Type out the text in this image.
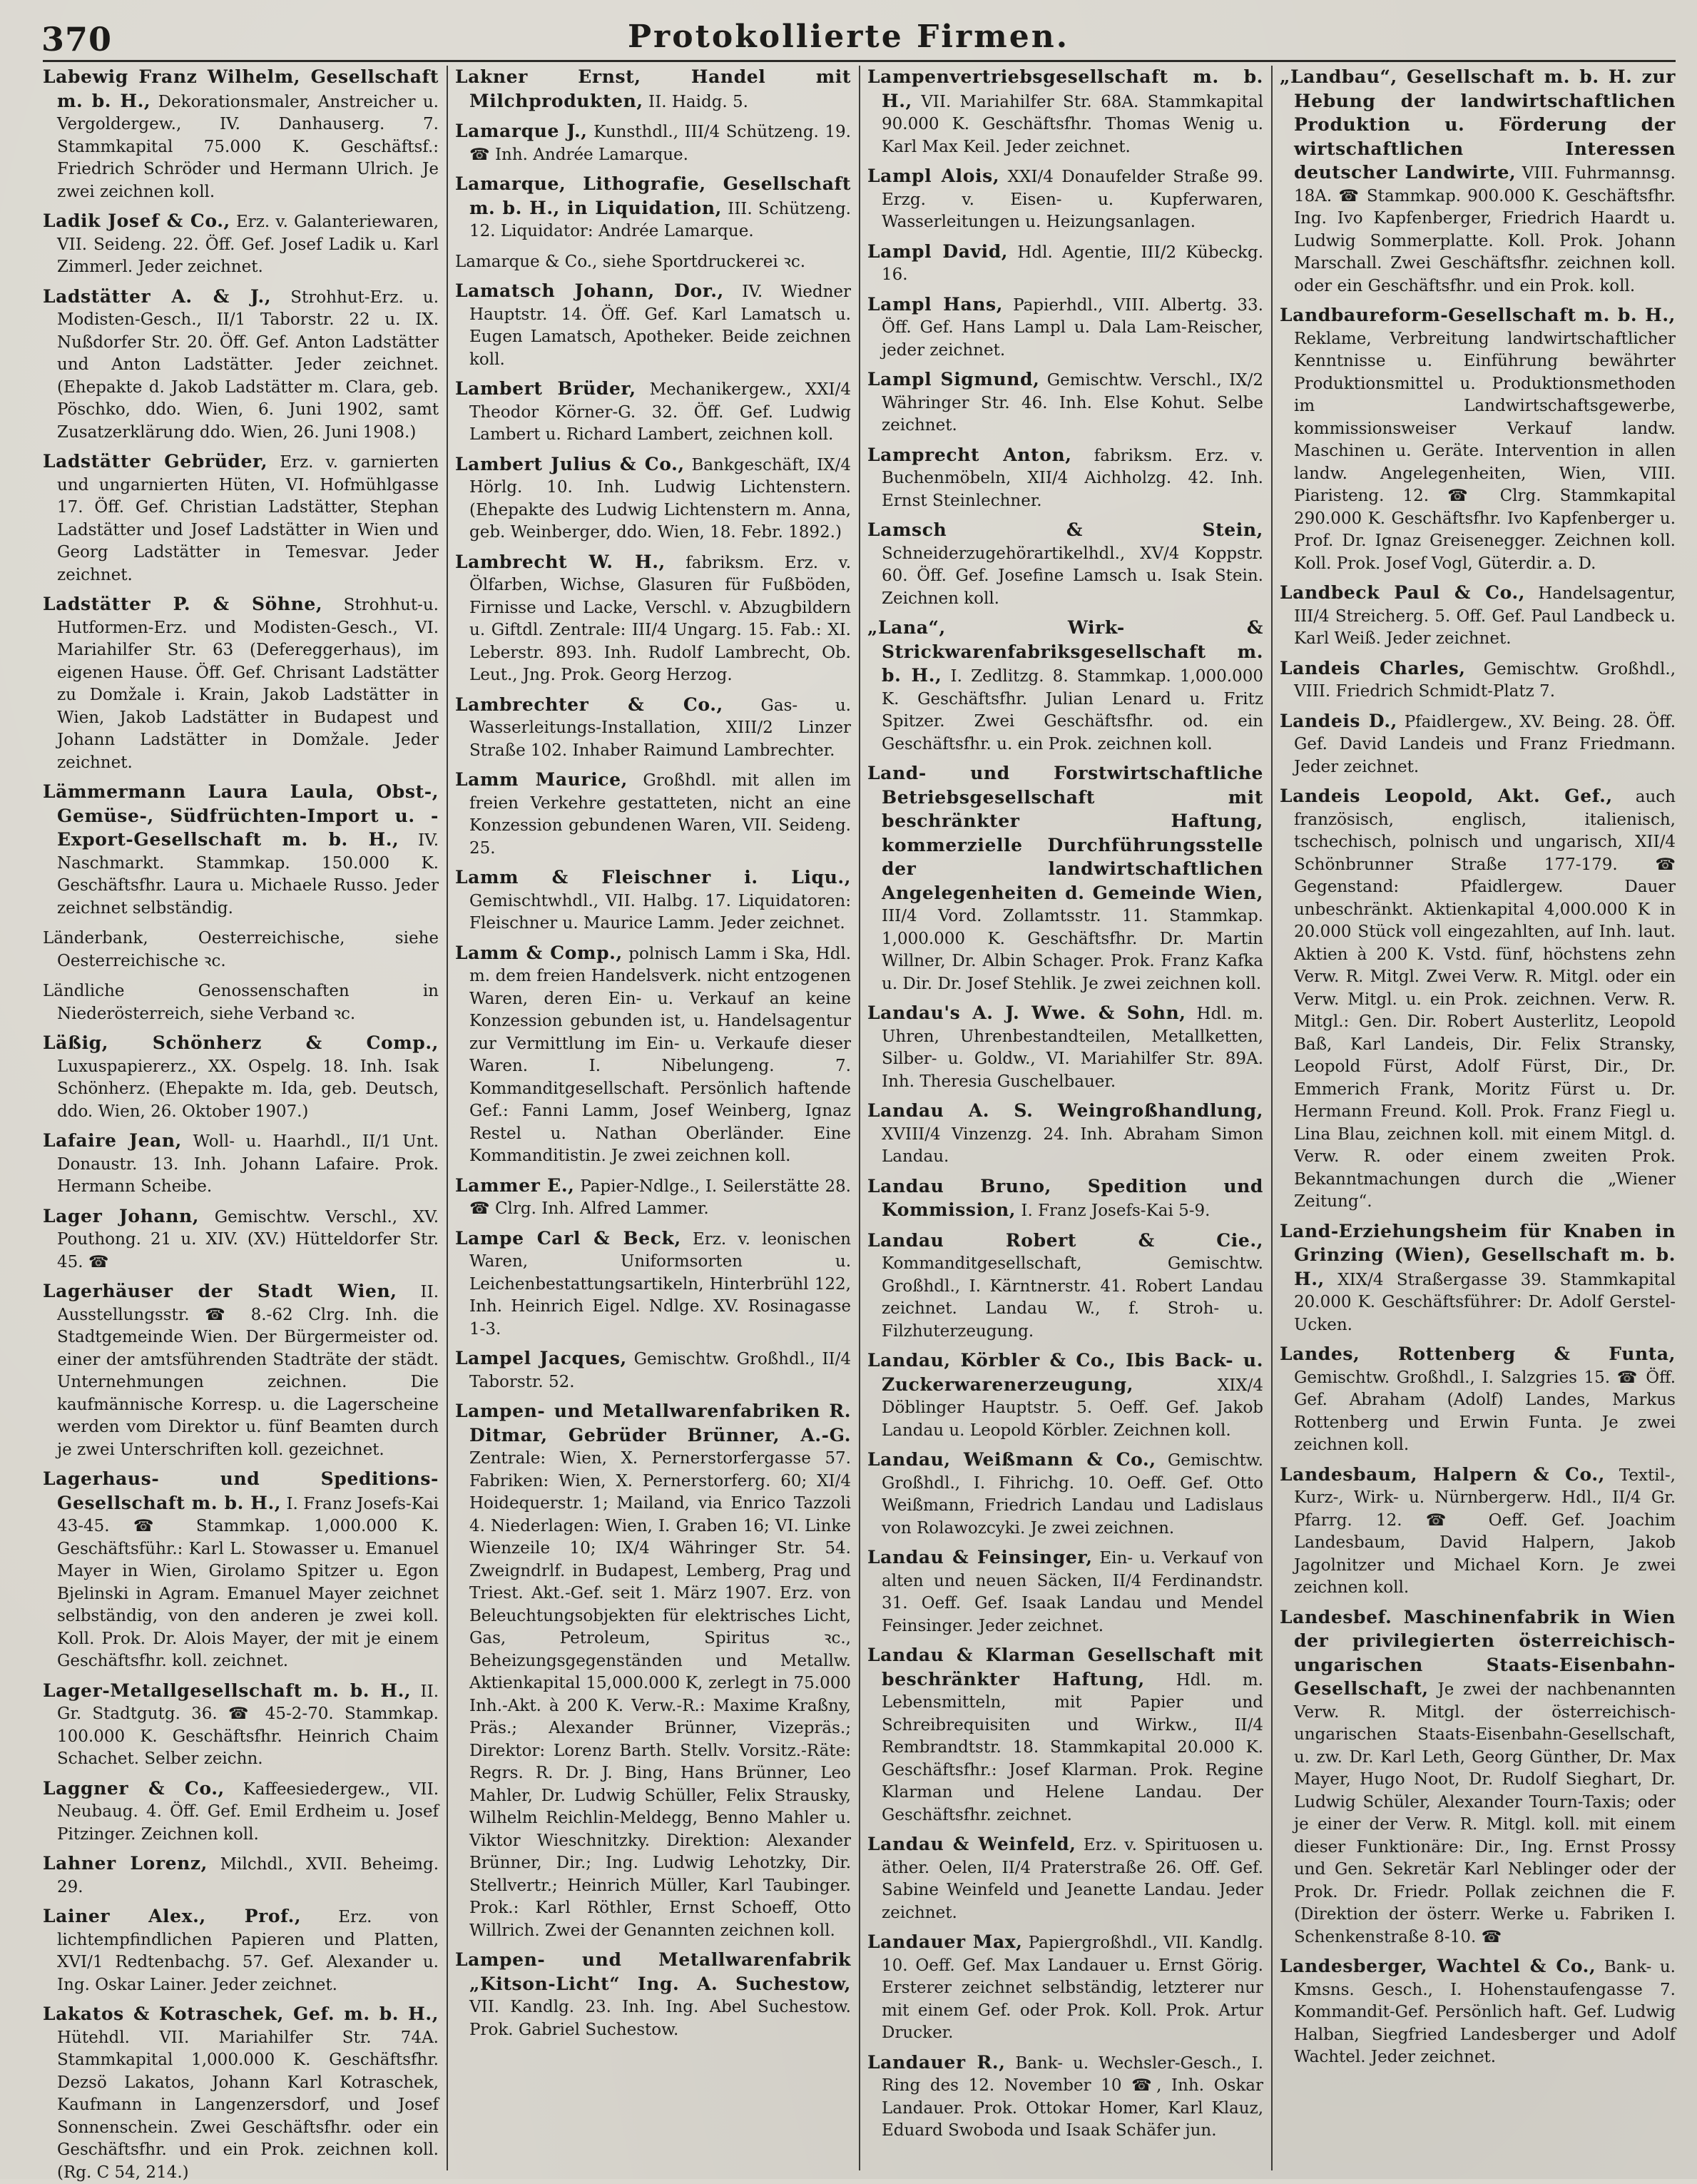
370	Protokollierte Firmen.

Labewig Franz Wilhelm, Gesellschaft m. b. H., Dekorationsmaler, Anstreicher u. Vergoldergew., IV. Danhauserg. 7. Stammkapital 75.000 K. Geschäftsf.: Friedrich Schröder und Hermann Ulrich. Je zwei zeichnen koll.

Ladik Josef & Co., Erz. v. Galanteriewaren, VII. Seideng. 22. Öff. Gef. Josef Ladik u. Karl Zimmerl. Jeder zeichnet.

Ladstätter A. & J., Strohhut-Erz. u. Modisten-Gesch., II/1 Taborstr. 22 u. IX. Nußdorfer Str. 20. Öff. Gef. Anton Ladstätter und Anton Ladstätter. Jeder zeichnet. (Ehepakte d. Jakob Ladstätter m. Clara, geb. Pöschko, ddo. Wien, 6. Juni 1902, samt Zusatzerklärung ddo. Wien, 26. Juni 1908.)

Ladstätter Gebrüder, Erz. v. garnierten und ungarnierten Hüten, VI. Hofmühlgasse 17. Öff. Gef. Christian Ladstätter, Stephan Ladstätter und Josef Ladstätter in Wien und Georg Ladstätter in Temesvar. Jeder zeichnet.

Ladstätter P. & Söhne, Strohhut-u. Hutformen-Erz. und Modisten-Gesch., VI. Mariahilfer Str. 63 (Defereggerhaus), im eigenen Hause. Öff. Gef. Chrisant Ladstätter zu Domžale i. Krain, Jakob Ladstätter in Wien, Jakob Ladstätter in Budapest und Johann Ladstätter in Domžale. Jeder zeichnet.

Lämmermann Laura Laula, Obst-, Gemüse-, Südfrüchten-Import u. -Export-Gesellschaft m. b. H., IV. Naschmarkt. Stammkap. 150.000 K. Geschäftsfhr. Laura u. Michaele Russo. Jeder zeichnet selbständig.

Länderbank, Oesterreichische, siehe Oesterreichische ꝛc.

Ländliche Genossenschaften in Niederösterreich, siehe Verband ꝛc.

Läßig, Schönherz & Comp., Luxuspapiererz., XX. Ospelg. 18. Inh. Isak Schönherz. (Ehepakte m. Ida, geb. Deutsch, ddo. Wien, 26. Oktober 1907.)

Lafaire Jean, Woll- u. Haarhdl., II/1 Unt. Donaustr. 13. Inh. Johann Lafaire. Prok. Hermann Scheibe.

Lager Johann, Gemischtw. Verschl., XV. Pouthong. 21 u. XIV. (XV.) Hütteldorfer Str. 45. ☎

Lagerhäuser der Stadt Wien, II. Ausstellungsstr. ☎ 8.-62 Clrg. Inh. die Stadtgemeinde Wien. Der Bürgermeister od. einer der amtsführenden Stadträte der städt. Unternehmungen zeichnen. Die kaufmännische Korresp. u. die Lagerscheine werden vom Direktor u. fünf Beamten durch je zwei Unterschriften koll. gezeichnet.

Lagerhaus- und Speditions-Gesellschaft m. b. H., I. Franz Josefs-Kai 43-45. ☎ Stammkap. 1,000.000 K. Geschäftsführ.: Karl L. Stowasser u. Emanuel Mayer in Wien, Girolamo Spitzer u. Egon Bjelinski in Agram. Emanuel Mayer zeichnet selbständig, von den anderen je zwei koll. Koll. Prok. Dr. Alois Mayer, der mit je einem Geschäftsfhr. koll. zeichnet.

Lager-Metallgesellschaft m. b. H., II. Gr. Stadtgutg. 36. ☎ 45-2-70. Stammkap. 100.000 K. Geschäftsfhr. Heinrich Chaim Schachet. Selber zeichn.

Laggner & Co., Kaffeesiedergew., VII. Neubaug. 4. Öff. Gef. Emil Erdheim u. Josef Pitzinger. Zeichnen koll.

Lahner Lorenz, Milchdl., XVII. Beheimg. 29.

Lainer Alex., Prof., Erz. von lichtempfindlichen Papieren und Platten, XVI/1 Redtenbachg. 57. Gef. Alexander u. Ing. Oskar Lainer. Jeder zeichnet.

Lakatos & Kotraschek, Gef. m. b. H., Hütehdl. VII. Mariahilfer Str. 74A. Stammkapital 1,000.000 K. Geschäftsfhr. Dezsö Lakatos, Johann Karl Kotraschek, Kaufmann in Langenzersdorf, und Josef Sonnenschein. Zwei Geschäftsfhr. oder ein Geschäftsfhr. und ein Prok. zeichnen koll. (Rg. C 54, 214.)

Lakner Ernst, Handel mit Milchprodukten, II. Haidg. 5.

Lamarque J., Kunsthdl., III/4 Schützeng. 19. ☎ Inh. Andrée Lamarque.

Lamarque, Lithografie, Gesellschaft m. b. H., in Liquidation, III. Schützeng. 12. Liquidator: Andrée Lamarque.

Lamarque & Co., siehe Sportdruckerei ꝛc.

Lamatsch Johann, Dor., IV. Wiedner Hauptstr. 14. Öff. Gef. Karl Lamatsch u. Eugen Lamatsch, Apotheker. Beide zeichnen koll.

Lambert Brüder, Mechanikergew., XXI/4 Theodor Körner-G. 32. Öff. Gef. Ludwig Lambert u. Richard Lambert, zeichnen koll.

Lambert Julius & Co., Bankgeschäft, IX/4 Hörlg. 10. Inh. Ludwig Lichtenstern. (Ehepakte des Ludwig Lichtenstern m. Anna, geb. Weinberger, ddo. Wien, 18. Febr. 1892.)

Lambrecht W. H., fabriksm. Erz. v. Ölfarben, Wichse, Glasuren für Fußböden, Firnisse und Lacke, Verschl. v. Abzugbildern u. Giftdl. Zentrale: III/4 Ungarg. 15. Fab.: XI. Leberstr. 893. Inh. Rudolf Lambrecht, Ob. Leut., Jng. Prok. Georg Herzog.

Lambrechter & Co., Gas- u. Wasserleitungs-Installation, XIII/2 Linzer Straße 102. Inhaber Raimund Lambrechter.

Lamm Maurice, Großhdl. mit allen im freien Verkehre gestatteten, nicht an eine Konzession gebundenen Waren, VII. Seideng. 25.

Lamm & Fleischner i. Liqu., Gemischtwhdl., VII. Halbg. 17. Liquidatoren: Fleischner u. Maurice Lamm. Jeder zeichnet.

Lamm & Comp., polnisch Lamm i Ska, Hdl. m. dem freien Handelsverk. nicht entzogenen Waren, deren Ein- u. Verkauf an keine Konzession gebunden ist, u. Handelsagentur zur Vermittlung im Ein- u. Verkaufe dieser Waren. I. Nibelungeng. 7. Kommanditgesellschaft. Persönlich haftende Gef.: Fanni Lamm, Josef Weinberg, Ignaz Restel u. Nathan Oberländer. Eine Kommanditistin. Je zwei zeichnen koll.

Lammer E., Papier-Ndlge., I. Seilerstätte 28. ☎ Clrg. Inh. Alfred Lammer.

Lampe Carl & Beck, Erz. v. leonischen Waren, Uniformsorten u. Leichenbestattungsartikeln, Hinterbrühl 122, Inh. Heinrich Eigel. Ndlge. XV. Rosinagasse 1-3.

Lampel Jacques, Gemischtw. Großhdl., II/4 Taborstr. 52.

Lampen- und Metallwarenfabriken R. Ditmar, Gebrüder Brünner, A.-G. Zentrale: Wien, X. Pernerstorfergasse 57. Fabriken: Wien, X. Pernerstorferg. 60; XI/4 Hoidequerstr. 1; Mailand, via Enrico Tazzoli 4. Niederlagen: Wien, I. Graben 16; VI. Linke Wienzeile 10; IX/4 Währinger Str. 54. Zweigndrlf. in Budapest, Lemberg, Prag und Triest. Akt.-Gef. seit 1. März 1907. Erz. von Beleuchtungsobjekten für elektrisches Licht, Gas, Petroleum, Spiritus ꝛc., Beheizungsgegenständen und Metallw. Aktienkapital 15,000.000 K, zerlegt in 75.000 Inh.-Akt. à 200 K. Verw.-R.: Maxime Kraßny, Präs.; Alexander Brünner, Vizepräs.; Direktor: Lorenz Barth. Stellv. Vorsitz.-Räte: Regrs. R. Dr. J. Bing, Hans Brünner, Leo Mahler, Dr. Ludwig Schüller, Felix Strausky, Wilhelm Reichlin-Meldegg, Benno Mahler u. Viktor Wieschnitzky. Direktion: Alexander Brünner, Dir.; Ing. Ludwig Lehotzky, Dir. Stellvertr.; Heinrich Müller, Karl Taubinger. Prok.: Karl Röthler, Ernst Schoeff, Otto Willrich. Zwei der Genannten zeichnen koll.

Lampen- und Metallwarenfabrik „Kitson-Licht“ Ing. A. Suchestow, VII. Kandlg. 23. Inh. Ing. Abel Suchestow. Prok. Gabriel Suchestow.

Lampenvertriebsgesellschaft m. b. H., VII. Mariahilfer Str. 68A. Stammkapital 90.000 K. Geschäftsfhr. Thomas Wenig u. Karl Max Keil. Jeder zeichnet.

Lampl Alois, XXI/4 Donaufelder Straße 99. Erzg. v. Eisen- u. Kupferwaren, Wasserleitungen u. Heizungsanlagen.

Lampl David, Hdl. Agentie, III/2 Kübeckg. 16.

Lampl Hans, Papierhdl., VIII. Albertg. 33. Öff. Gef. Hans Lampl u. Dala Lam-Reischer, jeder zeichnet.

Lampl Sigmund, Gemischtw. Verschl., IX/2 Währinger Str. 46. Inh. Else Kohut. Selbe zeichnet.

Lamprecht Anton, fabriksm. Erz. v. Buchenmöbeln, XII/4 Aichholzg. 42. Inh. Ernst Steinlechner.

Lamsch & Stein, Schneiderzugehörartikelhdl., XV/4 Koppstr. 60. Öff. Gef. Josefine Lamsch u. Isak Stein. Zeichnen koll.

„Lana“, Wirk- & Strickwarenfabriksgesellschaft m. b. H., I. Zedlitzg. 8. Stammkap. 1,000.000 K. Geschäftsfhr. Julian Lenard u. Fritz Spitzer. Zwei Geschäftsfhr. od. ein Geschäftsfhr. u. ein Prok. zeichnen koll.

Land- und Forstwirtschaftliche Betriebsgesellschaft mit beschränkter Haftung, kommerzielle Durchführungsstelle der landwirtschaftlichen Angelegenheiten d. Gemeinde Wien, III/4 Vord. Zollamtsstr. 11. Stammkap. 1,000.000 K. Geschäftsfhr. Dr. Martin Willner, Dr. Albin Schager. Prok. Franz Kafka u. Dir. Dr. Josef Stehlik. Je zwei zeichnen koll.

Landau's A. J. Wwe. & Sohn, Hdl. m. Uhren, Uhrenbestandteilen, Metallketten, Silber- u. Goldw., VI. Mariahilfer Str. 89A. Inh. Theresia Guschelbauer.

Landau A. S. Weingroßhandlung, XVIII/4 Vinzenzg. 24. Inh. Abraham Simon Landau.

Landau Bruno, Spedition und Kommission, I. Franz Josefs-Kai 5-9.

Landau Robert & Cie., Kommanditgesellschaft, Gemischtw. Großhdl., I. Kärntnerstr. 41. Robert Landau zeichnet. Landau W., f. Stroh- u. Filzhuterzeugung.

Landau, Körbler & Co., Ibis Back- u. Zuckerwarenerzeugung,	XIX/4 Döblinger Hauptstr. 5. Oeff. Gef. Jakob Landau u. Leopold Körbler. Zeichnen koll.

Landau, Weißmann & Co., Gemischtw. Großhdl., I. Fihrichg. 10. Oeff. Gef. Otto Weißmann, Friedrich Landau und Ladislaus von Rolawozcyki. Je zwei zeichnen.

Landau & Feinsinger, Ein- u. Verkauf von alten und neuen Säcken, II/4 Ferdinandstr. 31. Oeff. Gef. Isaak Landau und Mendel Feinsinger. Jeder zeichnet.

Landau & Klarman Gesellschaft mit beschränkter Haftung, Hdl. m. Lebensmitteln, mit Papier und Schreibrequisiten und Wirkw., II/4 Rembrandtstr. 18. Stammkapital 20.000 K. Geschäftsfhr.: Josef Klarman. Prok. Regine Klarman und Helene Landau. Der Geschäftsfhr. zeichnet.

Landau & Weinfeld, Erz. v. Spirituosen u. äther. Oelen, II/4 Praterstraße 26. Off. Gef. Sabine Weinfeld und Jeanette Landau. Jeder zeichnet.

Landauer Max, Papiergroßhdl., VII. Kandlg. 10. Oeff. Gef. Max Landauer u. Ernst Görig. Ersterer zeichnet selbständig, letzterer nur mit einem Gef. oder Prok. Koll. Prok. Artur Drucker.

Landauer R., Bank- u. Wechsler-Gesch., I. Ring des 12. November 10 ☎, Inh. Oskar Landauer. Prok. Ottokar Homer, Karl Klauz, Eduard Swoboda und Isaak Schäfer jun.

„Landbau“, Gesellschaft m. b. H. zur Hebung der landwirtschaftlichen Produktion u. Förderung der wirtschaftlichen Interessen deutscher Landwirte, VIII. Fuhrmannsg. 18A. ☎ Stammkap. 900.000 K. Geschäftsfhr. Ing. Ivo Kapfenberger, Friedrich Haardt u. Ludwig Sommerplatte. Koll. Prok. Johann Marschall. Zwei Geschäftsfhr. zeichnen koll. oder ein Geschäftsfhr. und ein Prok. koll.

Landbaureform-Gesellschaft m. b. H., Reklame, Verbreitung landwirtschaftlicher Kenntnisse u. Einführung bewährter Produktionsmittel u. Produktionsmethoden im Landwirtschaftsgewerbe, kommissionsweiser Verkauf landw. Maschinen u. Geräte. Intervention in allen landw. Angelegenheiten, Wien, VIII. Piaristeng. 12. ☎ Clrg. Stammkapital 290.000 K. Geschäftsfhr. Ivo Kapfenberger u. Prof. Dr. Ignaz Greisenegger. Zeichnen koll. Koll. Prok. Josef Vogl, Güterdir. a. D.

Landbeck Paul & Co., Handelsagentur, III/4 Streicherg. 5. Off. Gef. Paul Landbeck u. Karl Weiß. Jeder zeichnet.

Landeis Charles, Gemischtw. Großhdl., VIII. Friedrich Schmidt-Platz 7.

Landeis D., Pfaidlergew., XV. Being. 28. Öff. Gef. David Landeis und Franz Friedmann. Jeder zeichnet.

Landeis Leopold, Akt. Gef., auch französisch, englisch, italienisch, tschechisch, polnisch und ungarisch, XII/4 Schönbrunner Straße 177-179. ☎ Gegenstand: Pfaidlergew. Dauer unbeschränkt. Aktienkapital 4,000.000 K in 20.000 Stück voll eingezahlten, auf Inh. laut. Aktien à 200 K. Vstd. fünf, höchstens zehn Verw. R. Mitgl. Zwei Verw. R. Mitgl. oder ein Verw. Mitgl. u. ein Prok. zeichnen. Verw. R. Mitgl.: Gen. Dir. Robert Austerlitz, Leopold Baß, Karl Landeis, Dir. Felix Stransky, Leopold Fürst, Adolf Fürst, Dir., Dr. Emmerich Frank, Moritz Fürst u. Dr. Hermann Freund. Koll. Prok. Franz Fiegl u. Lina Blau, zeichnen koll. mit einem Mitgl. d. Verw. R. oder einem zweiten Prok. Bekanntmachungen durch die „Wiener Zeitung“.

Land-Erziehungsheim für Knaben in Grinzing (Wien), Gesellschaft m. b. H., XIX/4 Straßergasse 39. Stammkapital 20.000 K. Geschäftsführer: Dr. Adolf Gerstel-Ucken.

Landes, Rottenberg & Funta, Gemischtw. Großhdl., I. Salzgries 15. ☎ Öff. Gef. Abraham (Adolf) Landes, Markus Rottenberg und Erwin Funta. Je zwei zeichnen koll.

Landesbaum, Halpern & Co., Textil-, Kurz-, Wirk- u. Nürnbergerw. Hdl., II/4 Gr. Pfarrg. 12. ☎ Oeff. Gef. Joachim Landesbaum, David Halpern, Jakob Jagolnitzer und Michael Korn. Je zwei zeichnen koll.

Landesbef. Maschinenfabrik in Wien der privilegierten österreichisch-ungarischen Staats-Eisenbahn-Gesellschaft, Je zwei der nachbenannten Verw. R. Mitgl. der österreichisch-ungarischen Staats-Eisenbahn-Gesellschaft, u. zw. Dr. Karl Leth, Georg Günther, Dr. Max Mayer, Hugo Noot, Dr. Rudolf Sieghart, Dr. Ludwig Schüler, Alexander Tourn-Taxis; oder je einer der Verw. R. Mitgl. koll. mit einem dieser Funktionäre: Dir., Ing. Ernst Prossy und Gen. Sekretär Karl Neblinger oder der Prok. Dr. Friedr. Pollak zeichnen die F. (Direktion der österr. Werke u. Fabriken I. Schenkenstraße 8-10. ☎

Landesberger, Wachtel & Co., Bank- u. Kmsns. Gesch., I. Hohenstaufengasse 7. Kommandit-Gef. Persönlich haft. Gef. Ludwig Halban, Siegfried Landesberger und Adolf Wachtel. Jeder zeichnet.
